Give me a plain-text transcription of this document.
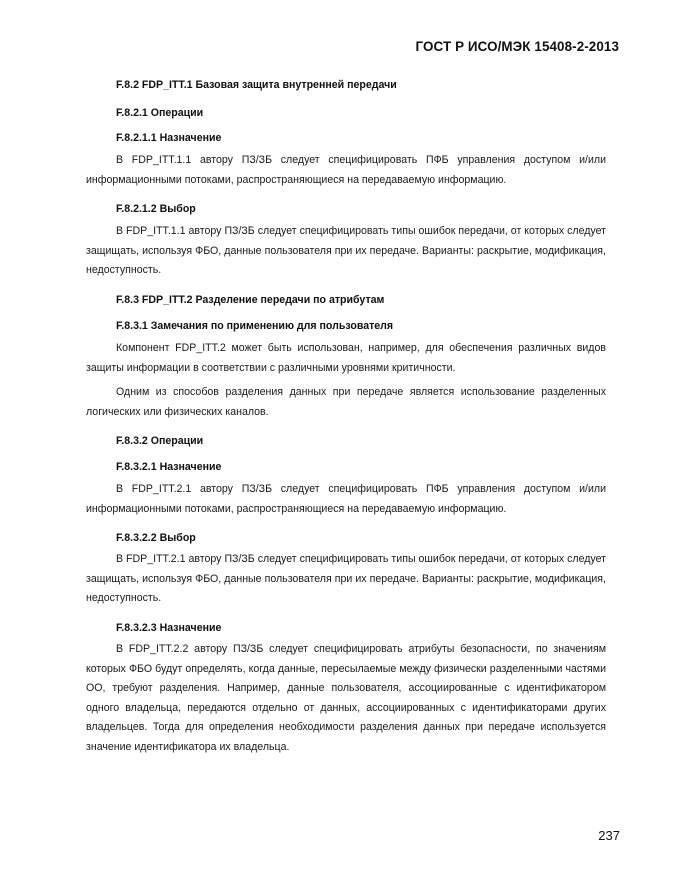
ГОСТ Р ИСО/МЭК 15408-2-2013
F.8.2 FDP_ITT.1 Базовая защита внутренней передачи
F.8.2.1 Операции
F.8.2.1.1 Назначение
В FDP_ITT.1.1 автору ПЗ/ЗБ следует специфицировать ПФБ управления доступом и/или информационными потоками, распространяющиеся на передаваемую информацию.
F.8.2.1.2 Выбор
В FDP_ITT.1.1 автору ПЗ/ЗБ следует специфицировать типы ошибок передачи, от которых следует защищать, используя ФБО, данные пользователя при их передаче. Варианты: раскрытие, модификация, недоступность.
F.8.3 FDP_ITT.2 Разделение передачи по атрибутам
F.8.3.1 Замечания по применению для пользователя
Компонент FDP_ITT.2 может быть использован, например, для обеспечения различных видов защиты информации в соответствии с различными уровнями критичности.
Одним из способов разделения данных при передаче является использование разделенных логических или физических каналов.
F.8.3.2 Операции
F.8.3.2.1 Назначение
В FDP_ITT.2.1 автору ПЗ/ЗБ следует специфицировать ПФБ управления доступом и/или информационными потоками, распространяющиеся на передаваемую информацию.
F.8.3.2.2 Выбор
В FDP_ITT.2.1 автору ПЗ/ЗБ следует специфицировать типы ошибок передачи, от которых следует защищать, используя ФБО, данные пользователя при их передаче. Варианты: раскрытие, модификация, недоступность.
F.8.3.2.3 Назначение
В FDP_ITT.2.2 автору ПЗ/ЗБ следует специфицировать атрибуты безопасности, по значениям которых ФБО будут определять, когда данные, пересылаемые между физически разделенными частями ОО, требуют разделения. Например, данные пользователя, ассоциированные с идентификатором одного владельца, передаются отдельно от данных, ассоциированных с идентификаторами других владельцев. Тогда для определения необходимости разделения данных при передаче используется значение идентификатора их владельца.
237
